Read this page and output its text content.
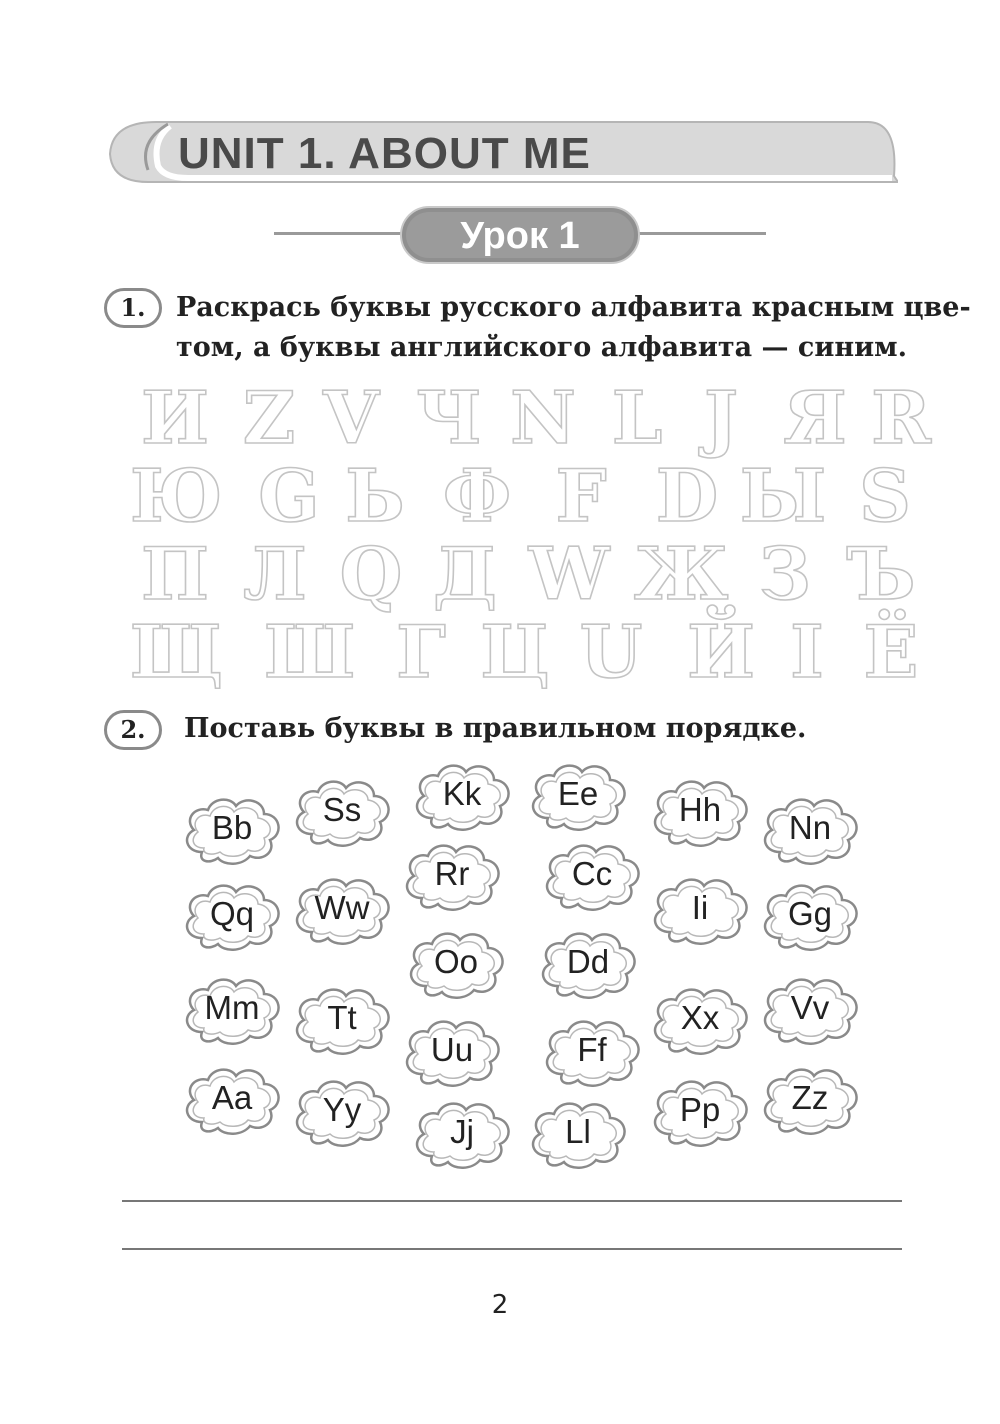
UNIT 1. ABOUT ME
Урок 1
1.	Раскрась буквы русского алфавита красным цве-

том, а буквы английского алфавита — синим.

И Z V Ч N L J Я R
Ю G Ь Ф F D Ы S
П Л Q Д W Ж З Ъ
Щ Ш Г Ц U Й I Ё
2.	Поставь буквы в правильном порядке.

Bb	Ss	Kk	Ee	Hh	Nn
Rr	Cc
Qq	Ww	Ii	Gg
Oo	Dd
Mm	Tt	Vv
Xx
Uu	Ff
Aa	Zz
Yy	Pp
Jj	Ll
2
